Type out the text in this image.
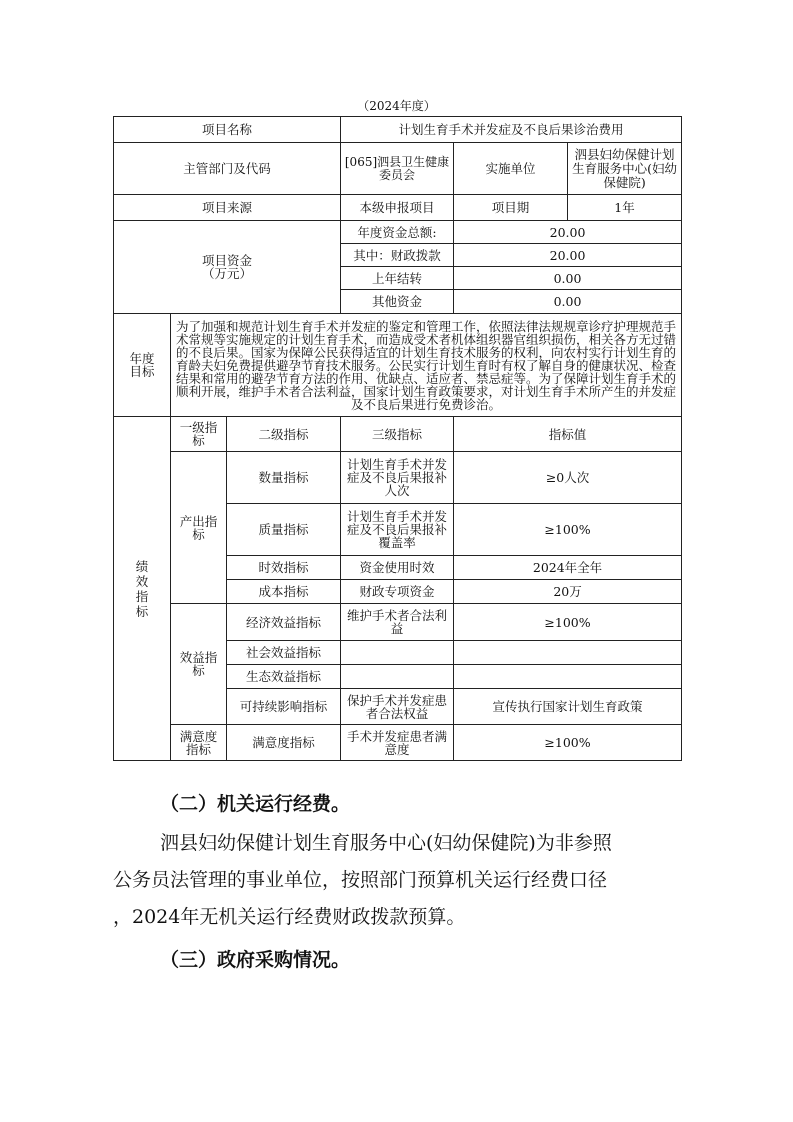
（2024年度）
项目名称			计划生育手术并发症及不良后果诊治费用		
主管部门及代码			[065]泗县卫生健康委员会	实施单位	泗县妇幼保健计划生育服务中心(妇幼保健院)
项目来源			本级申报项目	项目期	1年
项目资金（万元）			年度资金总额:	20.00	
			其中：财政拨款	20.00	
			上年结转	0.00	
			其他资金	0.00	
年度目标	为了加强和规范计划生育手术并发症的鉴定和管理工作，依照法律法规规章诊疗护理规范手术常规等实施规定的计划生育手术，而造成受术者机体组织器官组织损伤，相关各方无过错的不良后果。国家为保障公民获得适宜的计划生育技术服务的权利，向农村实行计划生育的育龄夫妇免费提供避孕节育技术服务。公民实行计划生育时有权了解自身的健康状况、检查结果和常用的避孕节育方法的作用、优缺点、适应者、禁忌症等。为了保障计划生育手术的顺利开展，维护手术者合法利益，国家计划生育政策要求，对计划生育手术所产生的并发症及不良后果进行免费诊治。				
绩效指标	一级指标	二级指标	三级指标	指标值	
	产出指标	数量指标	计划生育手术并发症及不良后果报补人次	≥0人次	
		质量指标	计划生育手术并发症及不良后果报补覆盖率	≥100%	
		时效指标	资金使用时效	2024年全年	
		成本指标	财政专项资金	20万	
	效益指标	经济效益指标	维护手术者合法利益	≥100%	
		社会效益指标			
		生态效益指标			
		可持续影响指标	保护手术并发症患者合法权益	宣传执行国家计划生育政策	
	满意度指标	满意度指标	手术并发症患者满意度	≥100%	
（二）机关运行经费。
泗县妇幼保健计划生育服务中心(妇幼保健院)为非参照
公务员法管理的事业单位，按照部门预算机关运行经费口径
，2024年无机关运行经费财政拨款预算。
（三）政府采购情况。
